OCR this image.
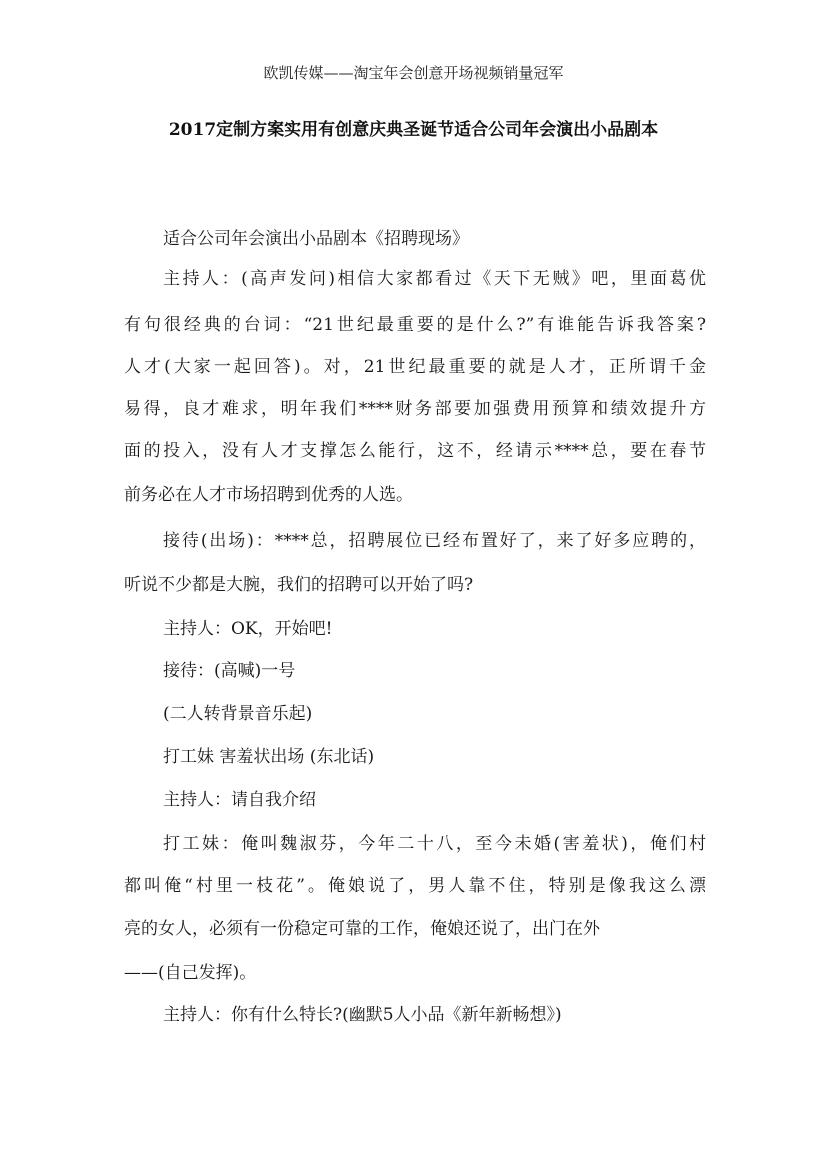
欧凯传媒——淘宝年会创意开场视频销量冠军
2017定制方案实用有创意庆典圣诞节适合公司年会演出小品剧本
适合公司年会演出小品剧本《招聘现场》
主持人：(高声发问)相信大家都看过《天下无贼》吧，里面葛优
有句很经典的台词：“21世纪最重要的是什么?”有谁能告诉我答案?
人才(大家一起回答)。对，21世纪最重要的就是人才，正所谓千金
易得，良才难求，明年我们****财务部要加强费用预算和绩效提升方
面的投入，没有人才支撑怎么能行，这不，经请示****总，要在春节
前务必在人才市场招聘到优秀的人选。
接待(出场)：****总，招聘展位已经布置好了，来了好多应聘的，
听说不少都是大腕，我们的招聘可以开始了吗?
主持人：OK，开始吧!
接待：(高喊)一号
(二人转背景音乐起)
打工妹 害羞状出场 (东北话)
主持人：请自我介绍
打工妹：俺叫魏淑芬，今年二十八，至今未婚(害羞状)，俺们村
都叫俺“村里一枝花”。俺娘说了，男人靠不住，特别是像我这么漂
亮的女人，必须有一份稳定可靠的工作，俺娘还说了，出门在外
——(自己发挥)。
主持人：你有什么特长?(幽默5人小品《新年新畅想》)
